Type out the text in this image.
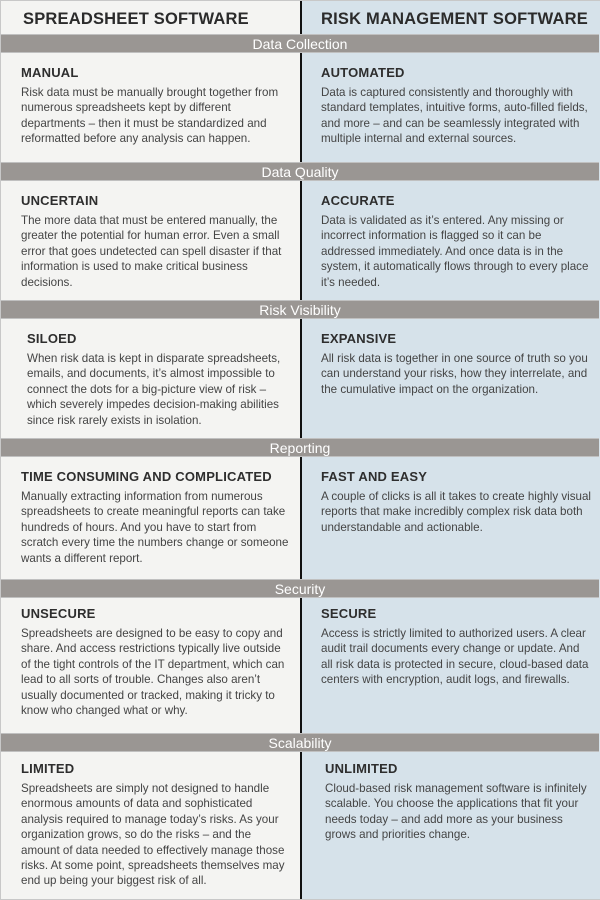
SPREADSHEET SOFTWARE	RISK MANAGEMENT SOFTWARE
Data Collection
MANUAL

Risk data must be manually brought together from numerous spreadsheets kept by different departments – then it must be standardized and reformatted before any analysis can happen.

AUTOMATED

Data is captured consistently and thoroughly with standard templates, intuitive forms, auto-filled fields, and more – and can be seamlessly integrated with multiple internal and external sources.

Data Quality
UNCERTAIN

The more data that must be entered manually, the greater the potential for human error. Even a small error that goes undetected can spell disaster if that information is used to make critical business decisions.

ACCURATE

Data is validated as it’s entered. Any missing or incorrect information is flagged so it can be addressed immediately. And once data is in the system, it automatically flows through to every place it’s needed.

Risk Visibility
SILOED

When risk data is kept in disparate spreadsheets, emails, and documents, it’s almost impossible to connect the dots for a big-picture view of risk – which severely impedes decision-making abilities since risk rarely exists in isolation.

EXPANSIVE

All risk data is together in one source of truth so you can understand your risks, how they interrelate, and the cumulative impact on the organization.

Reporting
TIME CONSUMING AND COMPLICATED

Manually extracting information from numerous spreadsheets to create meaningful reports can take hundreds of hours. And you have to start from scratch every time the numbers change or someone wants a different report.

FAST AND EASY

A couple of clicks is all it takes to create highly visual reports that make incredibly complex risk data both understandable and actionable.

Security
UNSECURE

Spreadsheets are designed to be easy to copy and share. And access restrictions typically live outside of the tight controls of the IT department, which can lead to all sorts of trouble. Changes also aren’t usually documented or tracked, making it tricky to know who changed what or why.

SECURE

Access is strictly limited to authorized users. A clear audit trail documents every change or update. And all risk data is protected in secure, cloud-based data centers with encryption, audit logs, and firewalls.

Scalability
LIMITED

Spreadsheets are simply not designed to handle enormous amounts of data and sophisticated analysis required to manage today’s risks. As your organization grows, so do the risks – and the amount of data needed to effectively manage those risks. At some point, spreadsheets themselves may end up being your biggest risk of all.

UNLIMITED

Cloud-based risk management software is infinitely scalable. You choose the applications that fit your needs today – and add more as your business grows and priorities change.
